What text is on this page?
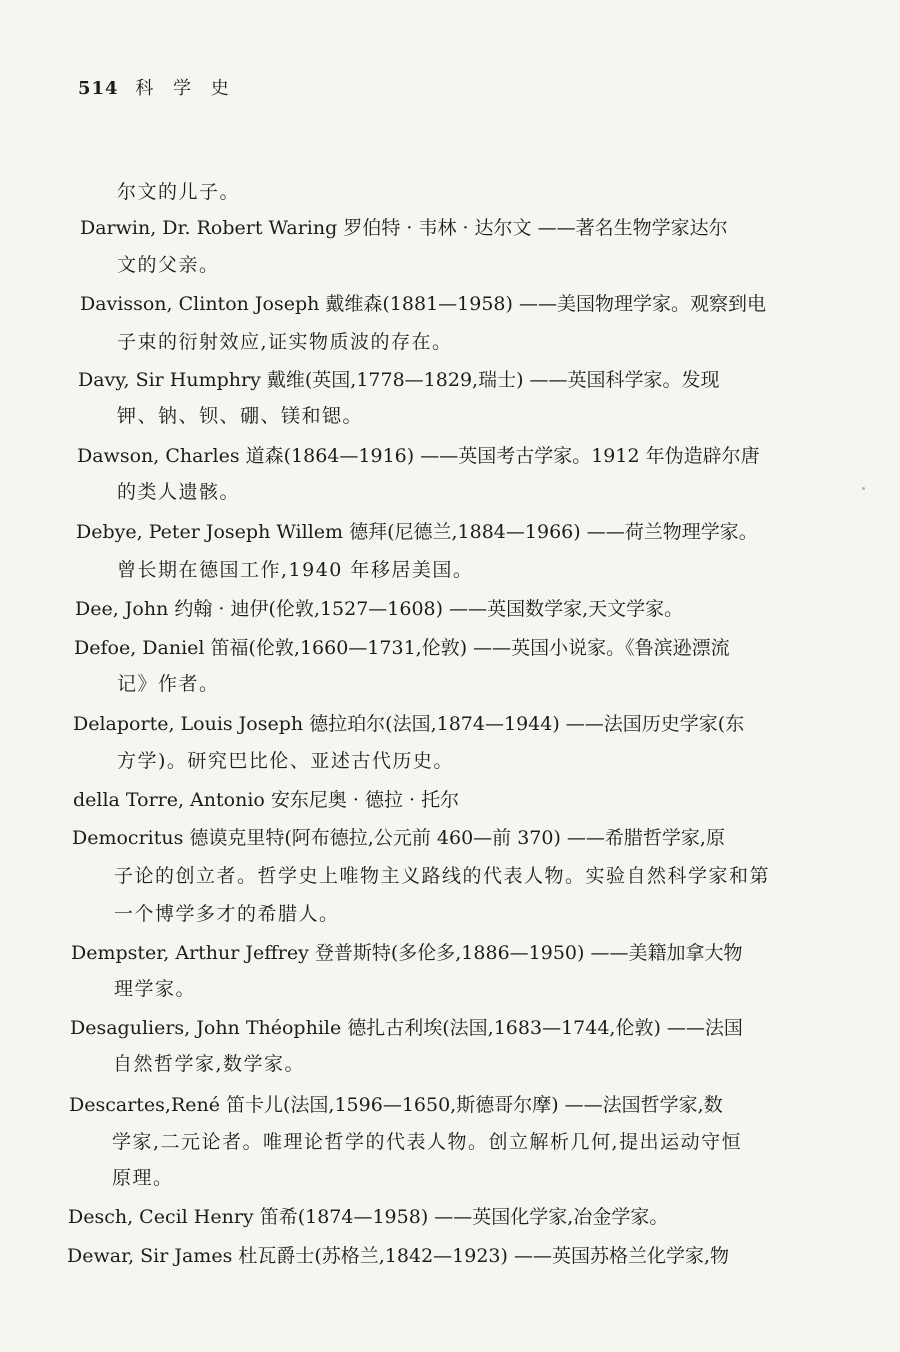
514 科 学 史
尔文的儿子。
Darwin, Dr. Robert Waring 罗伯特 · 韦林 · 达尔文 ——著名生物学家达尔
文的父亲。
Davisson, Clinton Joseph 戴维森(1881—1958) ——美国物理学家。观察到电
子束的衍射效应,证实物质波的存在。
Davy, Sir Humphry 戴维(英国,1778—1829,瑞士) ——英国科学家。发现
钾、钠、钡、硼、镁和锶。
Dawson, Charles 道森(1864—1916) ——英国考古学家。1912 年伪造辟尔唐
的类人遗骸。
Debye, Peter Joseph Willem 德拜(尼德兰,1884—1966) ——荷兰物理学家。
曾长期在德国工作,1940 年移居美国。
Dee, John 约翰 · 迪伊(伦敦,1527—1608) ——英国数学家,天文学家。
Defoe, Daniel 笛福(伦敦,1660—1731,伦敦) ——英国小说家。《鲁滨逊漂流
记》作者。
Delaporte, Louis Joseph 德拉珀尔(法国,1874—1944) ——法国历史学家(东
方学)。研究巴比伦、亚述古代历史。
della Torre, Antonio 安东尼奥 · 德拉 · 托尔
Democritus 德谟克里特(阿布德拉,公元前 460—前 370) ——希腊哲学家,原
子论的创立者。哲学史上唯物主义路线的代表人物。实验自然科学家和第
一个博学多才的希腊人。
Dempster, Arthur Jeffrey 登普斯特(多伦多,1886—1950) ——美籍加拿大物
理学家。
Desaguliers, John Théophile 德扎古利埃(法国,1683—1744,伦敦) ——法国
自然哲学家,数学家。
Descartes,René 笛卡儿(法国,1596—1650,斯德哥尔摩) ——法国哲学家,数
学家,二元论者。唯理论哲学的代表人物。创立解析几何,提出运动守恒
原理。
Desch, Cecil Henry 笛希(1874—1958) ——英国化学家,冶金学家。
Dewar, Sir James 杜瓦爵士(苏格兰,1842—1923) ——英国苏格兰化学家,物
